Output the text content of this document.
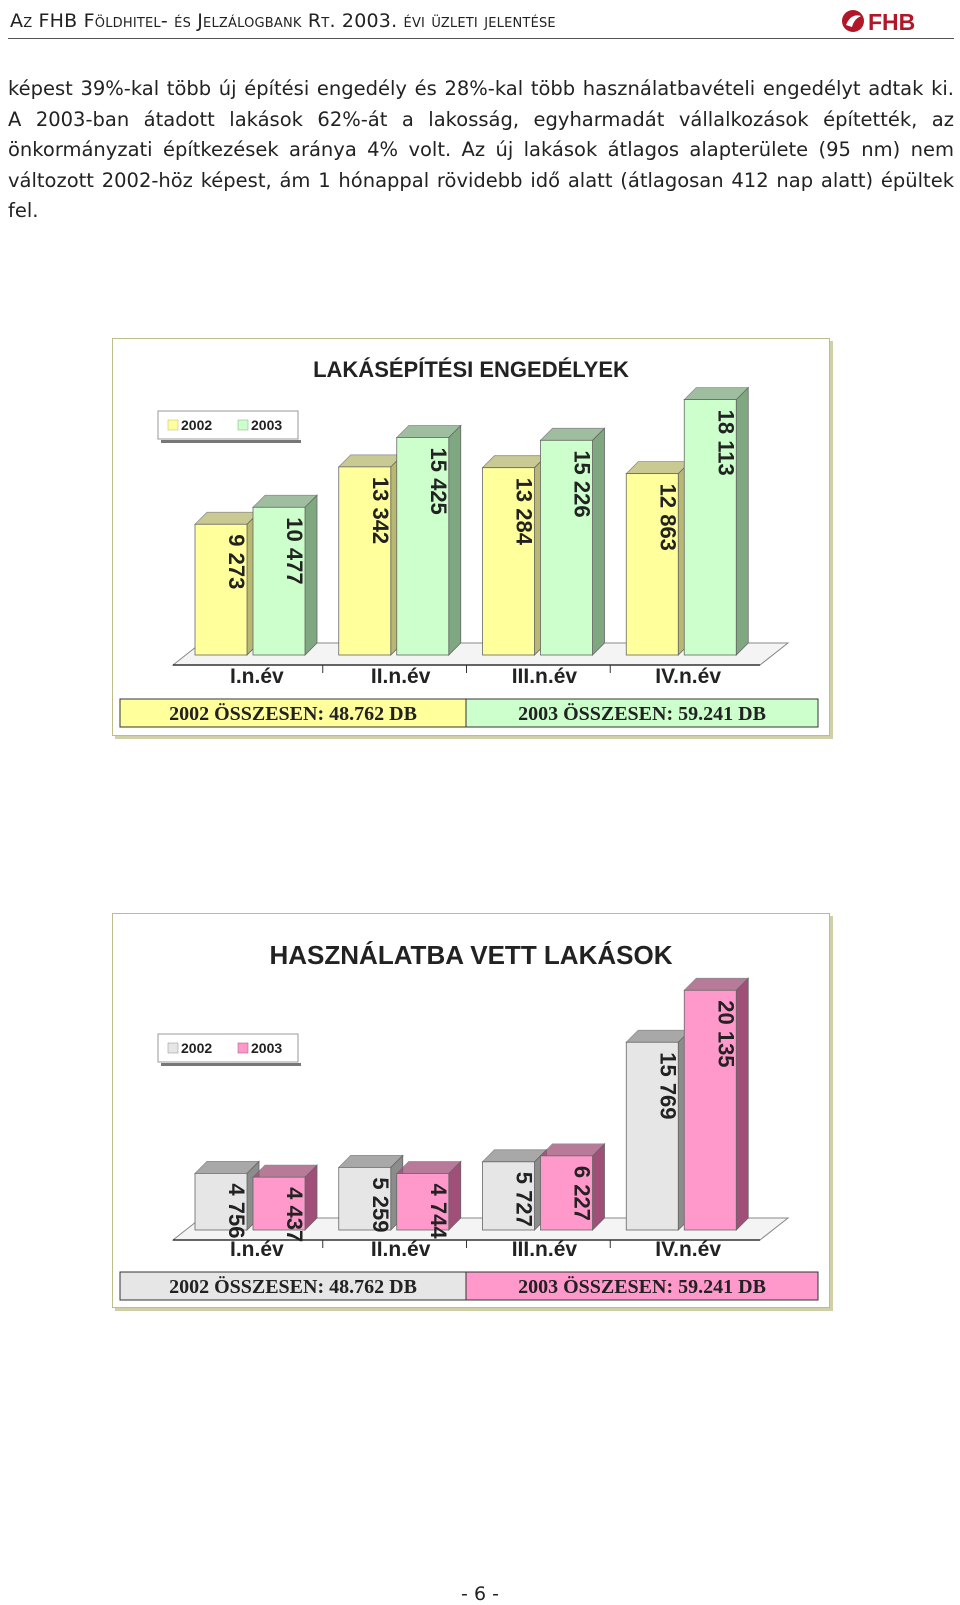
Az FHB Földhitel- és Jelzálogbank Rt. 2003. évi üzleti jelentése	FHB

képest 39%-kal több új építési engedély és 28%-kal több használatbavételi engedélyt adtak ki. A 2003-ban átadott lakások 62%-át a lakosság, egyharmadát vállalkozások építették, az önkormányzati építkezések aránya 4% volt. Az új lakások átlagos alapterülete (95 nm) nem változott 2002-höz képest, ám 1 hónappal rövidebb idő alatt (átlagosan 412 nap alatt) épültek fel.

LAKÁSÉPÍTÉSI ENGEDÉLYEK
I.n.év	II.n.év	III.n.év	IV.n.év
9 273 10 477
13 342 15 425	13 284 15 226	12 863
18 113
2002	2003
2002 ÖSSZESEN: 48.762 DB	2003 ÖSSZESEN: 59.241 DB
HASZNÁLATBA VETT LAKÁSOK
I.n.év	II.n.év	III.n.év	IV.n.év
4 756 4 437	5 259 4 744	5 727 6 227
15 769
20 135
2002	2003
2002 ÖSSZESEN: 48.762 DB	2003 ÖSSZESEN: 59.241 DB
- 6 -
